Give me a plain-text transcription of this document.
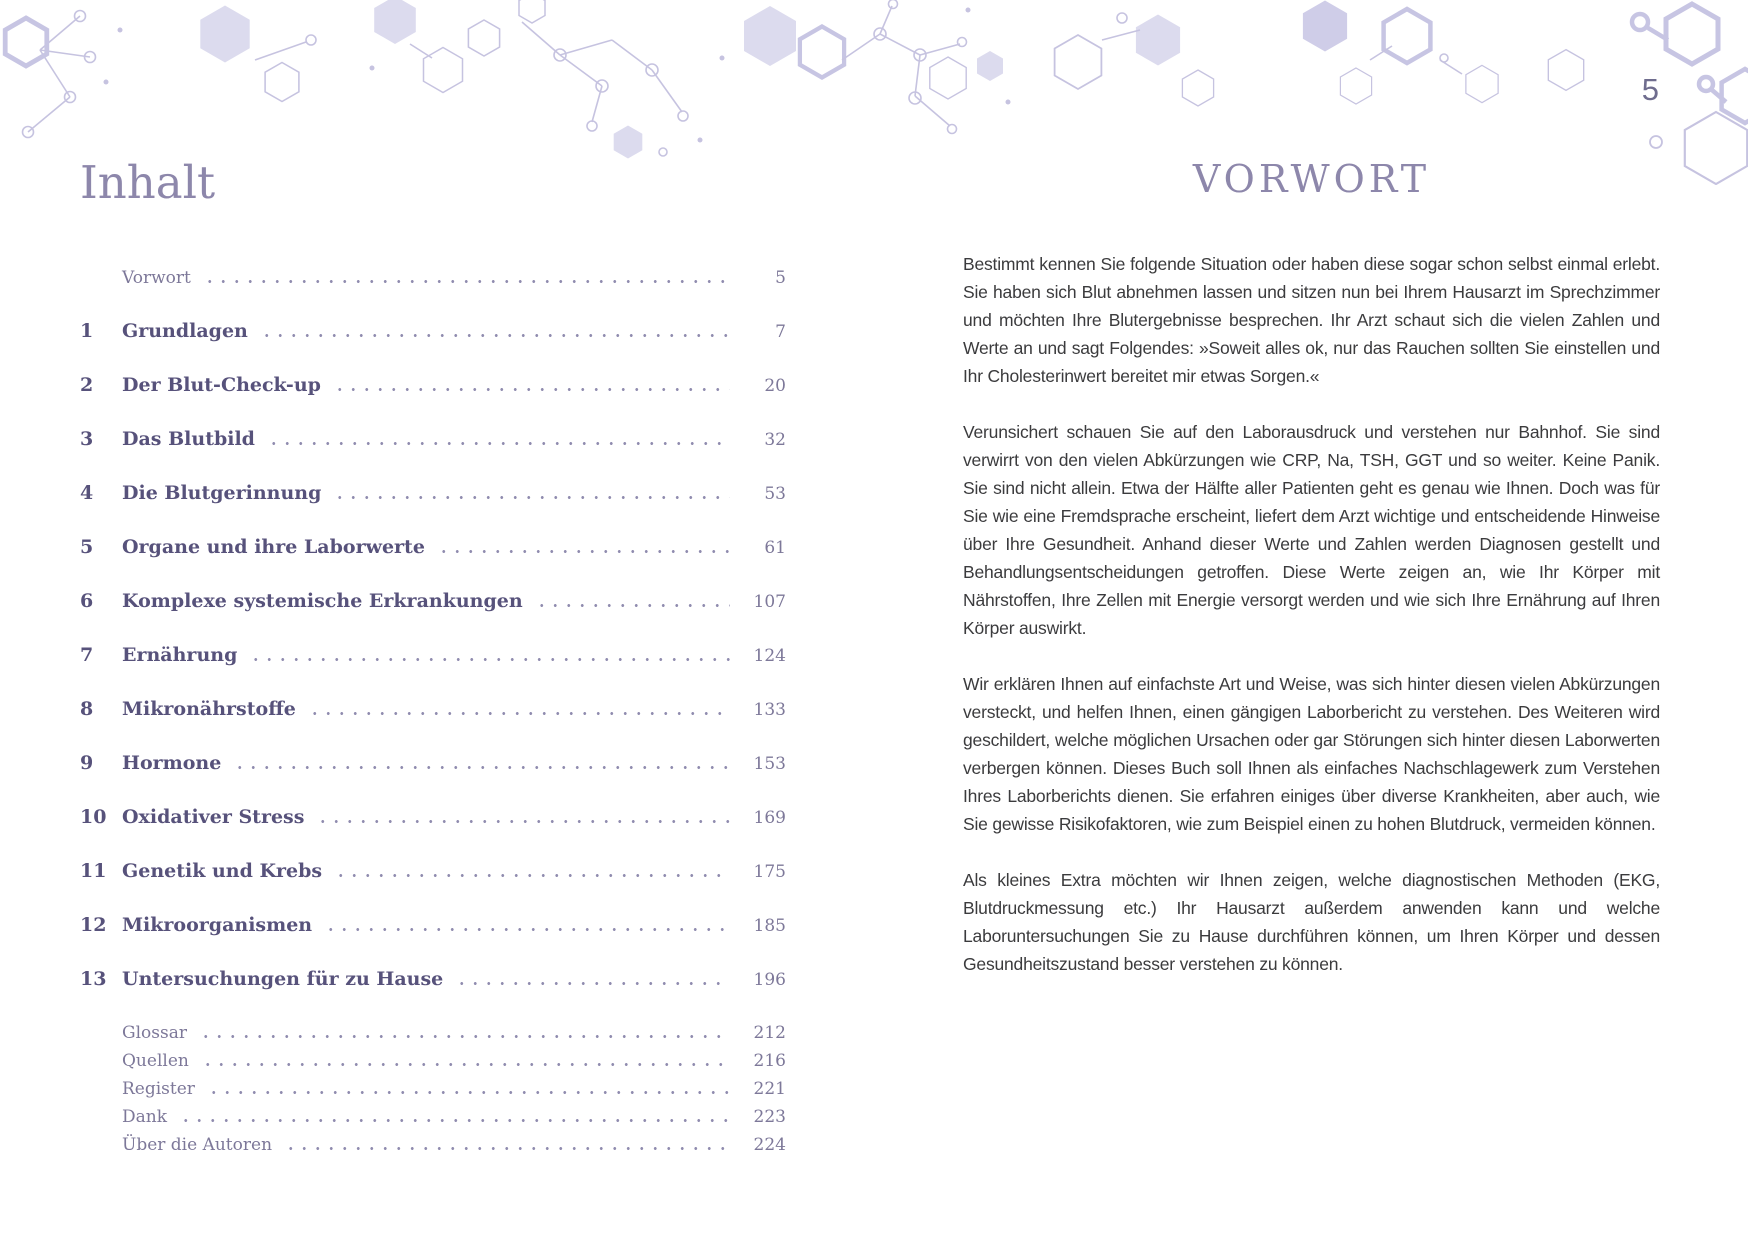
5
Inhalt
Vorwort	5
1	Grundlagen	7
2	Der Blut-Check-up	20
3	Das Blutbild	32
4	Die Blutgerinnung	53
5	Organe und ihre Laborwerte	61
6	Komplexe systemische Erkrankungen	107
7	Ernährung	124
8	Mikronährstoffe	133
9	Hormone	153
10 Oxidativer Stress	169
11 Genetik und Krebs	175
12 Mikroorganismen	185
13 Untersuchungen für zu Hause	196
Glossar	212
Quellen	216
Register	221
Dank	223
Über die Autoren	224
VORWORT

Bestimmt kennen Sie folgende Situation oder haben diese sogar schon selbst einmal erlebt. Sie haben sich Blut abnehmen lassen und sitzen nun bei Ihrem Hausarzt im Sprechzimmer und möchten Ihre Blutergebnisse besprechen. Ihr Arzt schaut sich die vielen Zahlen und Werte an und sagt Folgendes: »Soweit alles ok, nur das Rauchen sollten Sie einstellen und Ihr Cholesterinwert bereitet mir etwas Sorgen.«

Verunsichert schauen Sie auf den Laborausdruck und verstehen nur Bahnhof. Sie sind verwirrt von den vielen Abkürzungen wie CRP, Na, TSH, GGT und so weiter. Keine Panik. Sie sind nicht allein. Etwa der Hälfte aller Patienten geht es genau wie Ihnen. Doch was für Sie wie eine Fremdsprache erscheint, liefert dem Arzt wichtige und entscheidende Hinweise über Ihre Gesundheit. Anhand dieser Werte und Zahlen werden Diagnosen gestellt und Behandlungsentscheidungen getroffen. Diese Werte zeigen an, wie Ihr Körper mit Nährstoffen, Ihre Zellen mit Energie versorgt werden und wie sich Ihre Ernährung auf Ihren Körper auswirkt.

Wir erklären Ihnen auf einfachste Art und Weise, was sich hinter diesen vielen Abkürzungen versteckt, und helfen Ihnen, einen gängigen Laborbericht zu verstehen. Des Weiteren wird geschildert, welche möglichen Ursachen oder gar Störungen sich hinter diesen Laborwerten verbergen können. Dieses Buch soll Ihnen als einfaches Nachschlagewerk zum Verstehen Ihres Laborberichts dienen. Sie erfahren einiges über diverse Krankheiten, aber auch, wie Sie gewisse Risikofaktoren, wie zum Beispiel einen zu hohen Blutdruck, vermeiden können.

Als kleines Extra möchten wir Ihnen zeigen, welche diagnostischen Methoden (EKG, Blutdruckmessung etc.) Ihr Hausarzt außerdem anwenden kann und welche Laboruntersuchungen Sie zu Hause durchführen können, um Ihren Körper und dessen Gesundheitszustand besser verstehen zu können.
